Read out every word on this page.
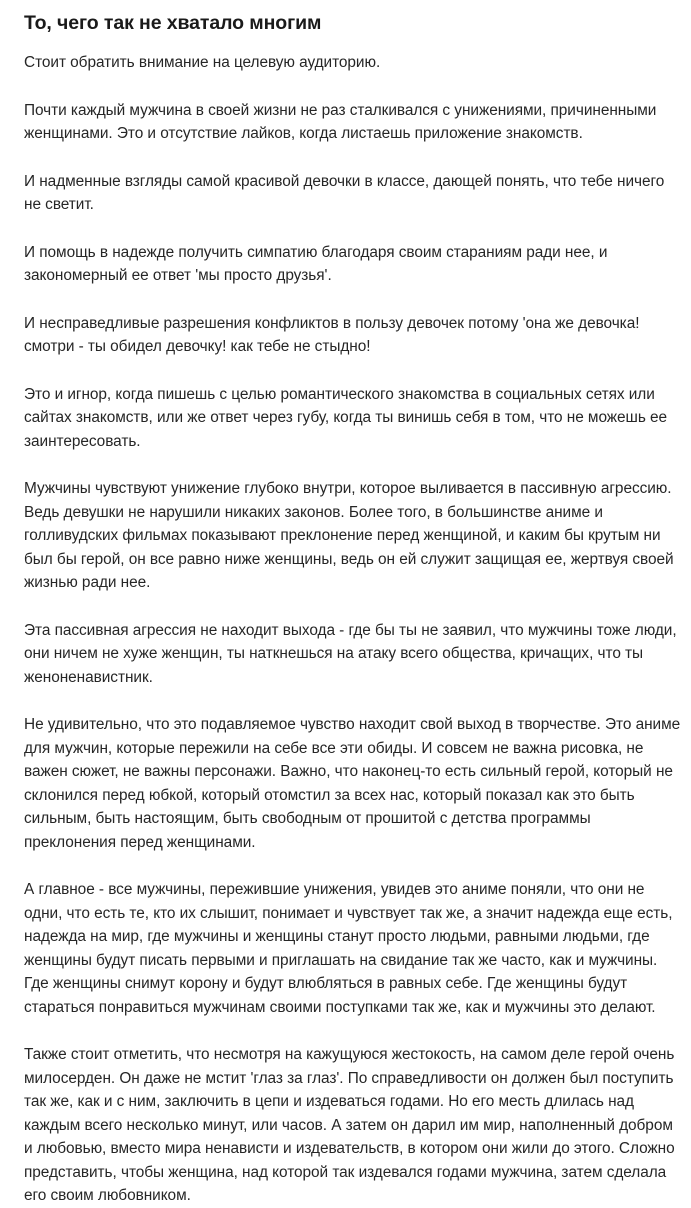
То, чего так не хватало многим

Стоит обратить внимание на целевую аудиторию.

Почти каждый мужчина в своей жизни не раз сталкивался с унижениями, причиненными женщинами. Это и отсутствие лайков, когда листаешь приложение знакомств.

И надменные взгляды самой красивой девочки в классе, дающей понять, что тебе ничего не светит.

И помощь в надежде получить симпатию благодаря своим стараниям ради нее, и закономерный ее ответ 'мы просто друзья'.

И несправедливые разрешения конфликтов в пользу девочек потому 'она же девочка! смотри - ты обидел девочку! как тебе не стыдно!

Это и игнор, когда пишешь с целью романтического знакомства в социальных сетях или сайтах знакомств, или же ответ через губу, когда ты винишь себя в том, что не можешь ее заинтересовать.

Мужчины чувствуют унижение глубоко внутри, которое выливается в пассивную агрессию. Ведь девушки не нарушили никаких законов. Более того, в большинстве аниме и голливудских фильмах показывают преклонение перед женщиной, и каким бы крутым ни был бы герой, он все равно ниже женщины, ведь он ей служит защищая ее, жертвуя своей жизнью ради нее.

Эта пассивная агрессия не находит выхода - где бы ты не заявил, что мужчины тоже люди, они ничем не хуже женщин, ты наткнешься на атаку всего общества, кричащих, что ты женоненавистник.

Не удивительно, что это подавляемое чувство находит свой выход в творчестве. Это аниме для мужчин, которые пережили на себе все эти обиды. И совсем не важна рисовка, не важен сюжет, не важны персонажи. Важно, что наконец-то есть сильный герой, который не склонился перед юбкой, который отомстил за всех нас, который показал как это быть сильным, быть настоящим, быть свободным от прошитой с детства программы преклонения перед женщинами.

А главное - все мужчины, пережившие унижения, увидев это аниме поняли, что они не одни, что есть те, кто их слышит, понимает и чувствует так же, а значит надежда еще есть, надежда на мир, где мужчины и женщины станут просто людьми, равными людьми, где женщины будут писать первыми и приглашать на свидание так же часто, как и мужчины. Где женщины снимут корону и будут влюбляться в равных себе. Где женщины будут стараться понравиться мужчинам своими поступками так же, как и мужчины это делают.

Также стоит отметить, что несмотря на кажущуюся жестокость, на самом деле герой очень милосерден. Он даже не мстит 'глаз за глаз'. По справедливости он должен был поступить так же, как и с ним, заключить в цепи и издеваться годами. Но его месть длилась над каждым всего несколько минут, или часов. А затем он дарил им мир, наполненный добром и любовью, вместо мира ненависти и издевательств, в котором они жили до этого. Сложно представить, чтобы женщина, над которой так издевался годами мужчина, затем сделала его своим любовником.
